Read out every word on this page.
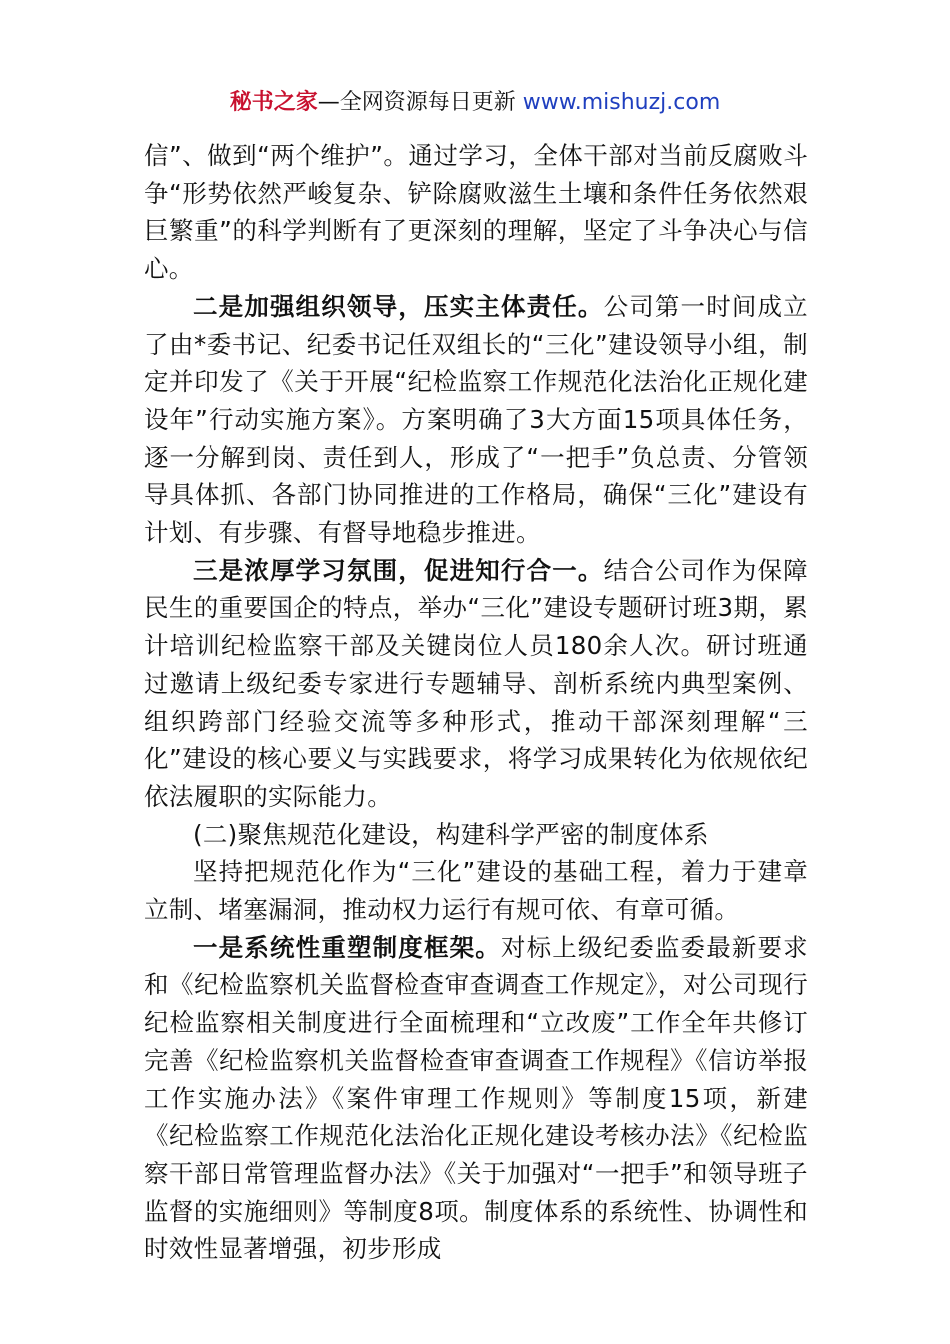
秘书之家—全网资源每日更新 www.mishuzj.com

信”、做到“两个维护”。通过学习，全体干部对当前反腐败斗争“形势依然严峻复杂、铲除腐败滋生土壤和条件任务依然艰巨繁重”的科学判断有了更深刻的理解，坚定了斗争决心与信心。

二是加强组织领导，压实主体责任。公司第一时间成立了由*委书记、纪委书记任双组长的“三化”建设领导小组，制定并印发了《关于开展“纪检监察工作规范化法治化正规化建设年”行动实施方案》。方案明确了3大方面15项具体任务，逐一分解到岗、责任到人，形成了“一把手”负总责、分管领导具体抓、各部门协同推进的工作格局，确保“三化”建设有计划、有步骤、有督导地稳步推进。

三是浓厚学习氛围，促进知行合一。结合公司作为保障民生的重要国企的特点，举办“三化”建设专题研讨班3期，累计培训纪检监察干部及关键岗位人员180余人次。研讨班通过邀请上级纪委专家进行专题辅导、剖析系统内典型案例、组织跨部门经验交流等多种形式，推动干部深刻理解“三化”建设的核心要义与实践要求，将学习成果转化为依规依纪依法履职的实际能力。

(二)聚焦规范化建设，构建科学严密的制度体系

坚持把规范化作为“三化”建设的基础工程，着力于建章立制、堵塞漏洞，推动权力运行有规可依、有章可循。

一是系统性重塑制度框架。对标上级纪委监委最新要求和《纪检监察机关监督检查审查调查工作规定》，对公司现行纪检监察相关制度进行全面梳理和“立改废”工作全年共修订完善《纪检监察机关监督检查审查调查工作规程》《信访举报工作实施办法》《案件审理工作规则》等制度15项，新建《纪检监察工作规范化法治化正规化建设考核办法》《纪检监察干部日常管理监督办法》《关于加强对“一把手”和领导班子监督的实施细则》等制度8项。制度体系的系统性、协调性和时效性显著增强，初步形成
